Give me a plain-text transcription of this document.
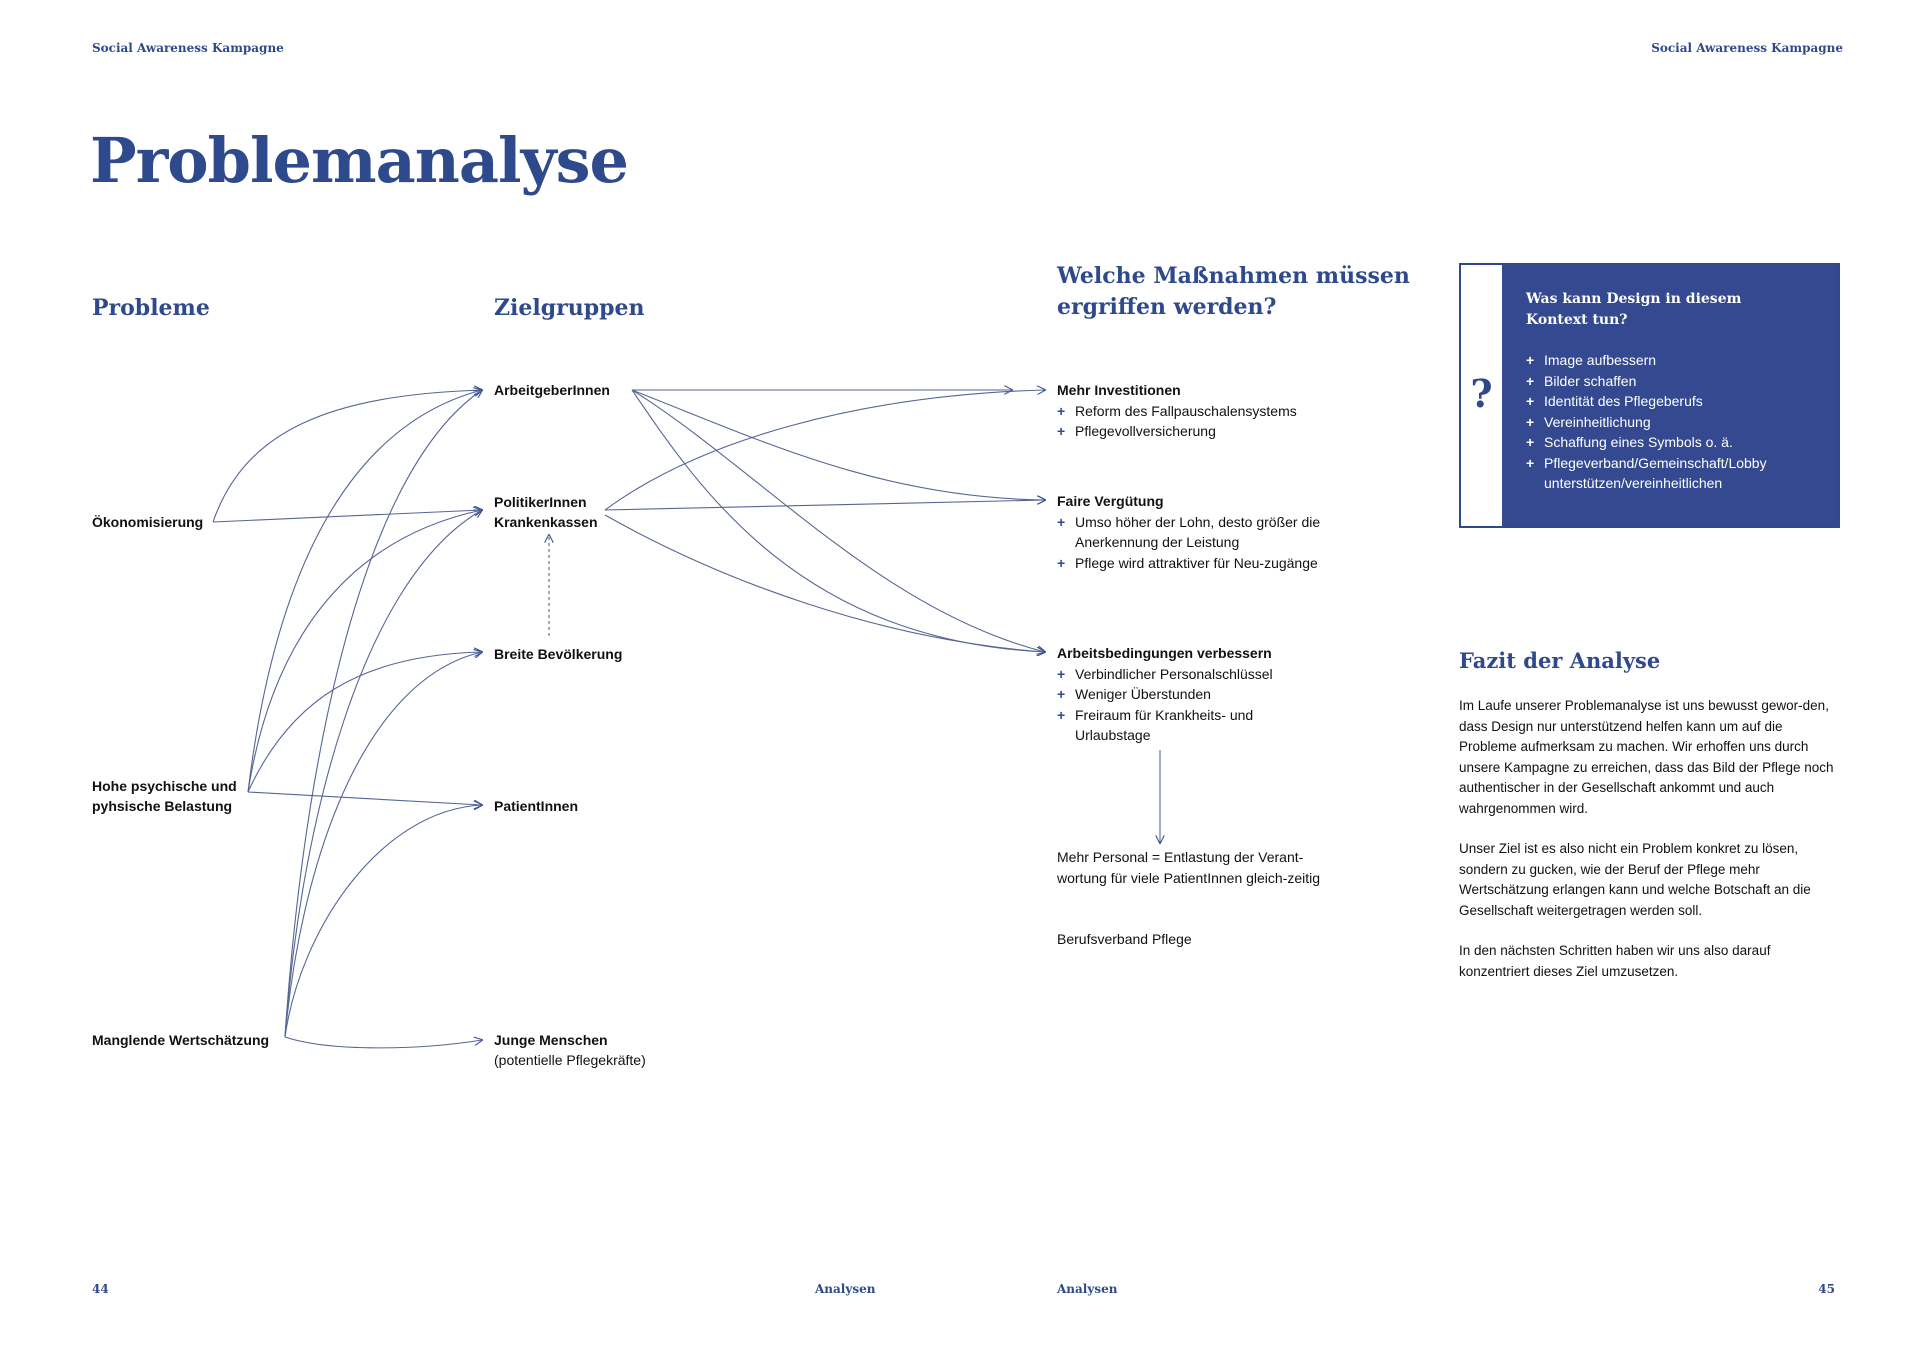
Social Awareness Kampagne	Social Awareness Kampagne
Problemanalyse
Probleme	Zielgruppen
Welche Maßnahmen müssen
ergriffen werden?
Ökonomisierung
Hohe psychische und
pyhsische Belastung
Manglende Wertschätzung
ArbeitgeberInnen
PolitikerInnen
Krankenkassen
Breite Bevölkerung
PatientInnen
Junge Menschen
(potentielle Pflegekräfte)
Mehr Investitionen
+ Reform des Fallpauschalensystems
+ Pflegevollversicherung
Faire Vergütung
+ Umso höher der Lohn, desto größer die Anerkennung der Leistung
+ Pflege wird attraktiver für Neu-zugänge
Arbeitsbedingungen verbessern
+ Verbindlicher Personalschlüssel
+ Weniger Überstunden
+ Freiraum für Krankheits- und Urlaubstage
Mehr Personal = Entlastung der Verant-wortung für viele PatientInnen gleich-zeitig
Berufsverband Pflege
?
Was kann Design in diesem
Kontext tun?
+ Image aufbessern
+ Bilder schaffen
+ Identität des Pflegeberufs
+ Vereinheitlichung
+ Schaffung eines Symbols o. ä.
+ Pflegeverband/Gemeinschaft/Lobby unterstützen/vereinheitlichen
Fazit der Analyse

Im Laufe unserer Problemanalyse ist uns bewusst gewor-den, dass Design nur unterstützend helfen kann um auf die Probleme aufmerksam zu machen. Wir erhoffen uns durch unsere Kampagne zu erreichen, dass das Bild der Pflege noch authentischer in der Gesellschaft ankommt und auch wahrgenommen wird.

Unser Ziel ist es also nicht ein Problem konkret zu lösen, sondern zu gucken, wie der Beruf der Pflege mehr Wertschätzung erlangen kann und welche Botschaft an die Gesellschaft weitergetragen werden soll.

In den nächsten Schritten haben wir uns also darauf konzentriert dieses Ziel umzusetzen.

44	Analysen	Analysen	45
